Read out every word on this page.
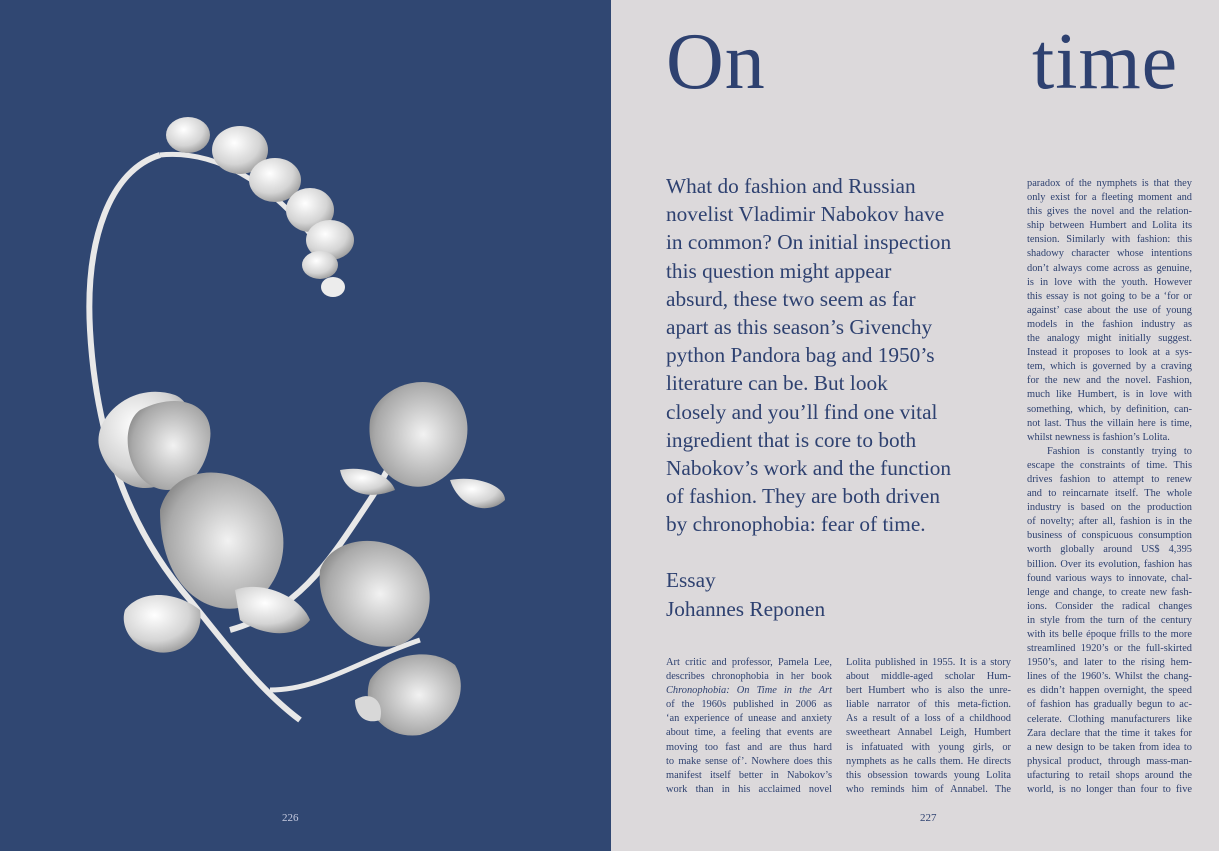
226
On	time
What do fashion and Russian
novelist Vladimir Nabokov have
in common? On initial inspection
this question might appear
absurd, these two seem as far
apart as this season’s Givenchy
python Pandora bag and 1950’s
literature can be. But look
closely and you’ll find one vital
ingredient that is core to both
Nabokov’s work and the function
of fashion. They are both driven
by chronophobia: fear of time.
Essay
Johannes Reponen
Art critic and professor, Pamela Lee,
describes chronophobia in her book
Chronophobia: On Time in the Art
of the 1960s published in 2006 as
‘an experience of unease and anxiety
about time, a feeling that events are
moving too fast and are thus hard
to make sense of’. Nowhere does this
manifest itself better in Nabokov’s
work than in his acclaimed novel
Lolita published in 1955. It is a story
about middle-aged scholar Hum-
bert Humbert who is also the unre-
liable narrator of this meta-fiction.
As a result of a loss of a childhood
sweetheart Annabel Leigh, Humbert
is infatuated with young girls, or
nymphets as he calls them. He directs
this obsession towards young Lolita
who reminds him of Annabel. The
paradox of the nymphets is that they
only exist for a fleeting moment and
this gives the novel and the relation-
ship between Humbert and Lolita its
tension. Similarly with fashion: this
shadowy character whose intentions
don’t always come across as genuine,
is in love with the youth. However
this essay is not going to be a ‘for or
against’ case about the use of young
models in the fashion industry as
the analogy might initially suggest.
Instead it proposes to look at a sys-
tem, which is governed by a craving
for the new and the novel. Fashion,
much like Humbert, is in love with
something, which, by definition, can-
not last. Thus the villain here is time,
whilst newness is fashion’s Lolita.
Fashion is constantly trying to
escape the constraints of time. This
drives fashion to attempt to renew
and to reincarnate itself. The whole
industry is based on the production
of novelty; after all, fashion is in the
business of conspicuous consumption
worth globally around US$ 4,395
billion. Over its evolution, fashion has
found various ways to innovate, chal-
lenge and change, to create new fash-
ions. Consider the radical changes
in style from the turn of the century
with its belle époque frills to the more
streamlined 1920’s or the full-skirted
1950’s, and later to the rising hem-
lines of the 1960’s. Whilst the chang-
es didn’t happen overnight, the speed
of fashion has gradually begun to ac-
celerate. Clothing manufacturers like
Zara declare that the time it takes for
a new design to be taken from idea to
physical product, through mass-man-
ufacturing to retail shops around the
world, is no longer than four to five
227
